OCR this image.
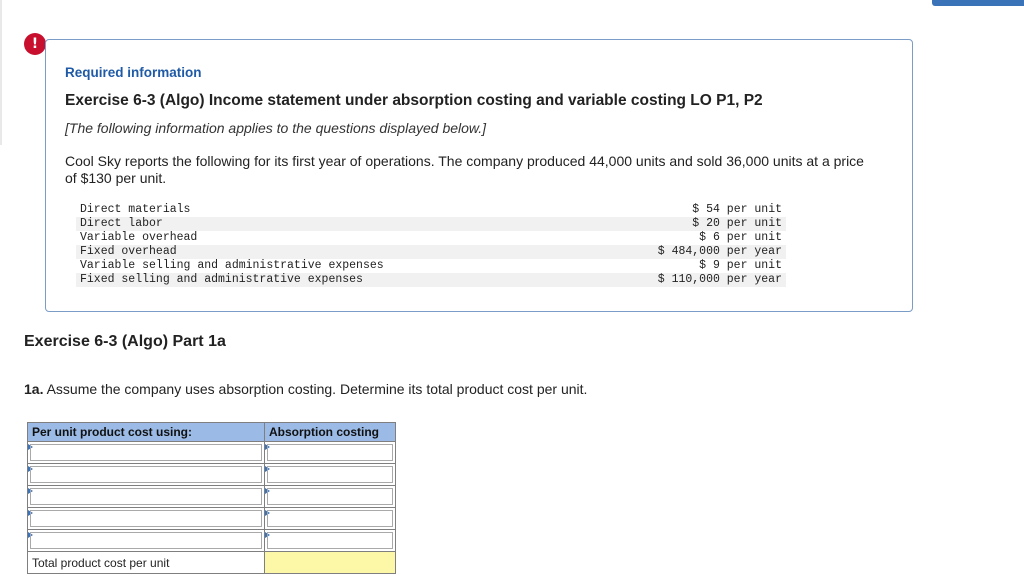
!
Required information
Exercise 6-3 (Algo) Income statement under absorption costing and variable costing LO P1, P2
[The following information applies to the questions displayed below.]
Cool Sky reports the following for its first year of operations. The company produced 44,000 units and sold 36,000 units at a price of $130 per unit.
Direct materials	$ 54 per unit
Direct labor	$ 20 per unit
Variable overhead	$ 6 per unit
Fixed overhead	$ 484,000 per year
Variable selling and administrative expenses	$ 9 per unit
Fixed selling and administrative expenses	$ 110,000 per year
Exercise 6-3 (Algo) Part 1a
1a. Assume the company uses absorption costing. Determine its total product cost per unit.
Per unit product cost using:	Absorption costing

Total product cost per unit	
